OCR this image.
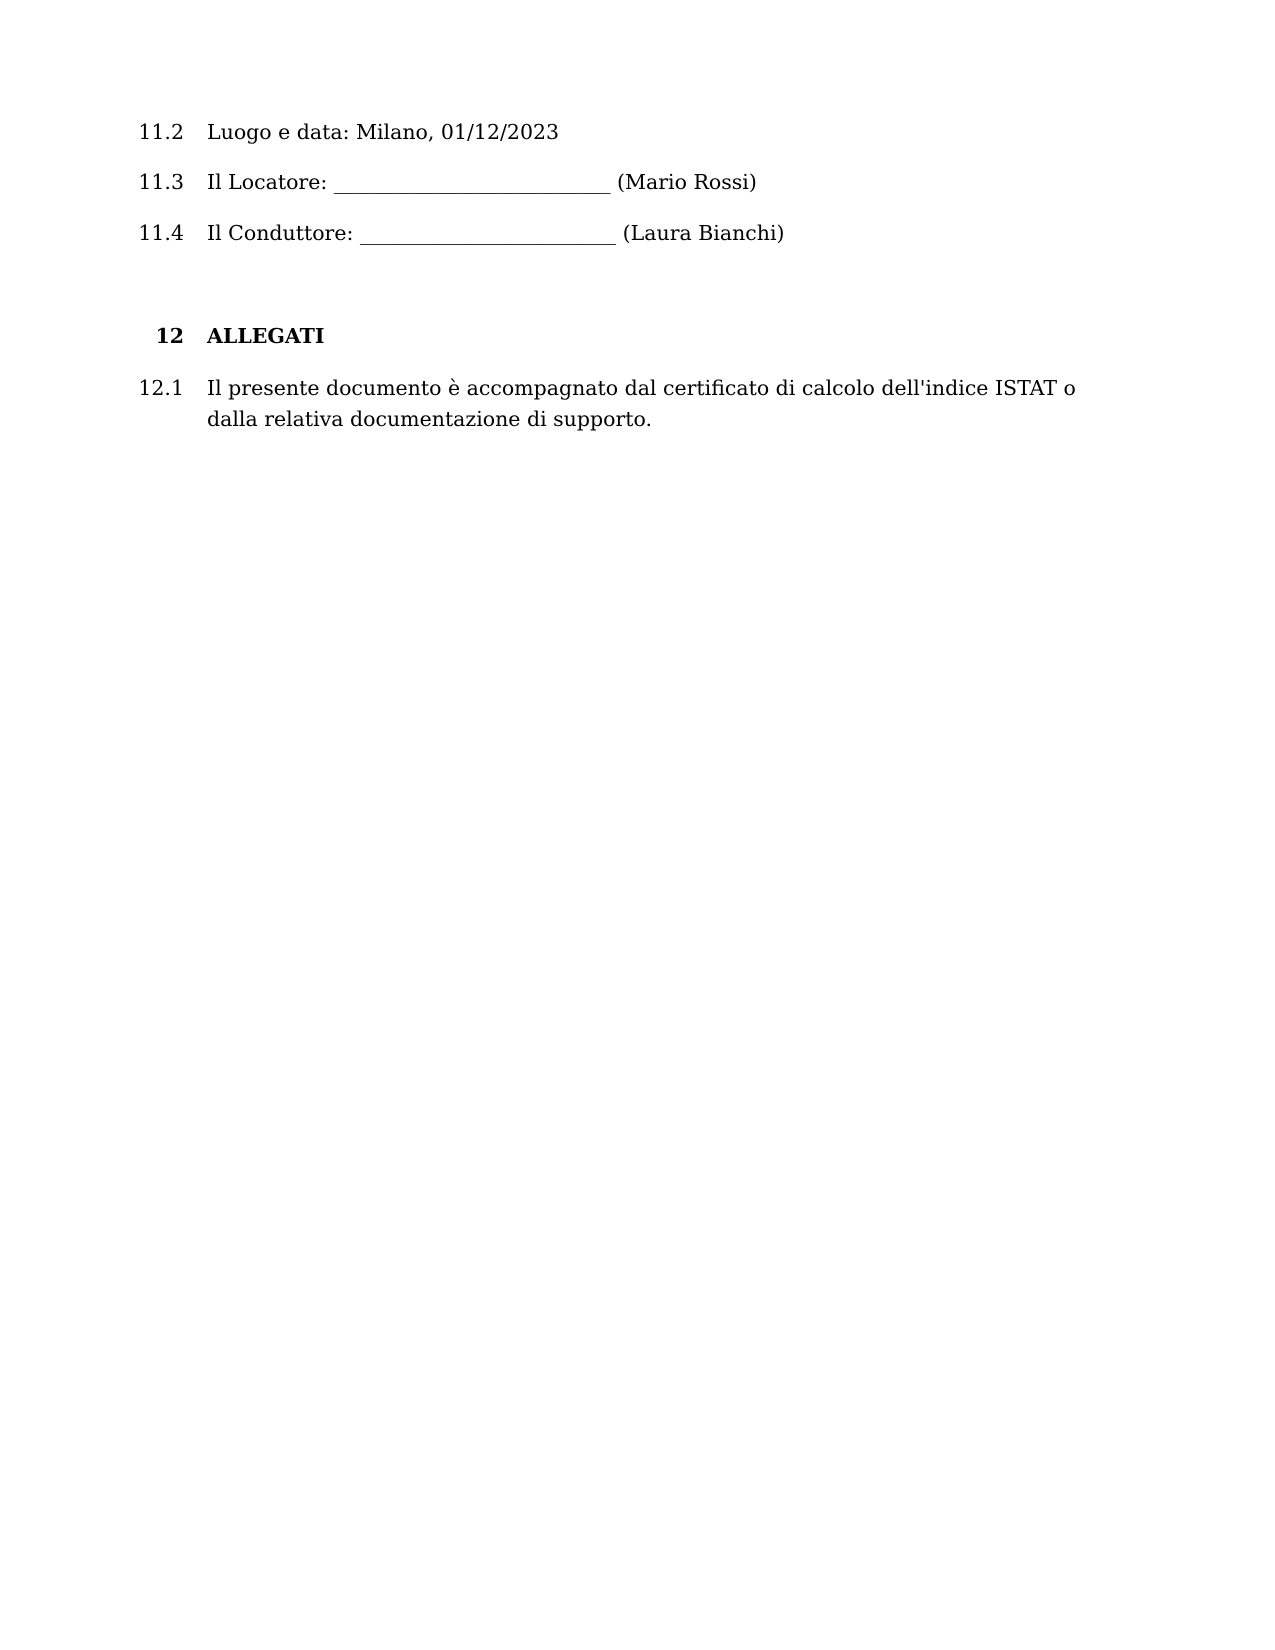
11.2 Luogo e data: Milano, 01/12/2023
11.3 Il Locatore: ___________________________ (Mario Rossi)
11.4 Il Conduttore: _________________________ (Laura Bianchi)
12 ALLEGATI
12.1 Il presente documento è accompagnato dal certificato di calcolo dell'indice ISTAT o dalla relativa documentazione di supporto.
